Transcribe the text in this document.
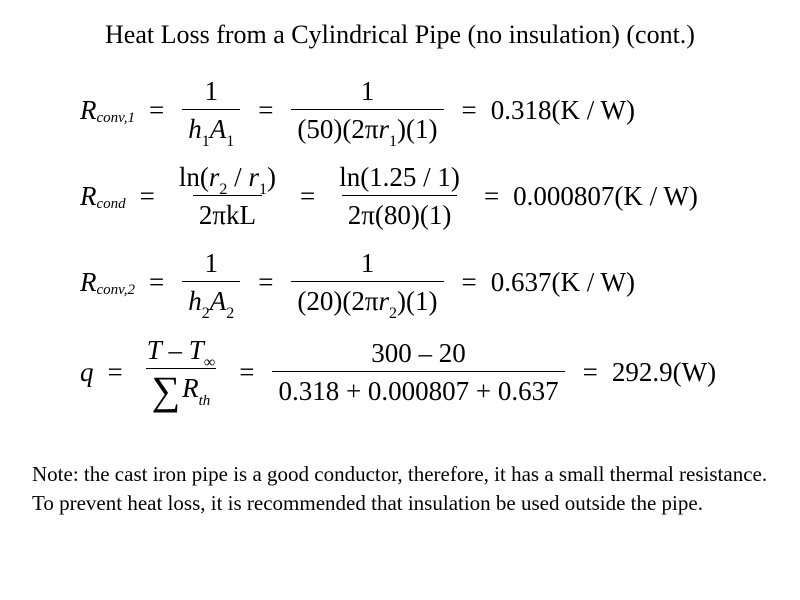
Heat Loss from a Cylindrical Pipe (no insulation) (cont.)
R conv,1 = $\frac{1}{h_1A_1} = \frac{1}{(50)(2\pi r_1)(1)} = 0.318(K / W)$
R cond = $\frac{\ln(r_2 / r_1)}{\text{2πkL}} = \frac{\ln(1.25 / 1)}{2\pi(80)(1)} = 0.000807(K / W)$
R conv,2 = $\frac{1}{h_2A_2} = \frac{1}{(20)(2\pi r_2)(1)} = 0.637(K / W)$
$q = \frac{T - T_\infty}{\sum R_{th}} = \frac{300 - 20}{0.318 + 0.000807 + 0.637} = 292.9(W)$
Note: the cast iron pipe is a good conductor, therefore, it has a small thermal resistance. To prevent heat loss, it is recommended that insulation be used outside the pipe.
